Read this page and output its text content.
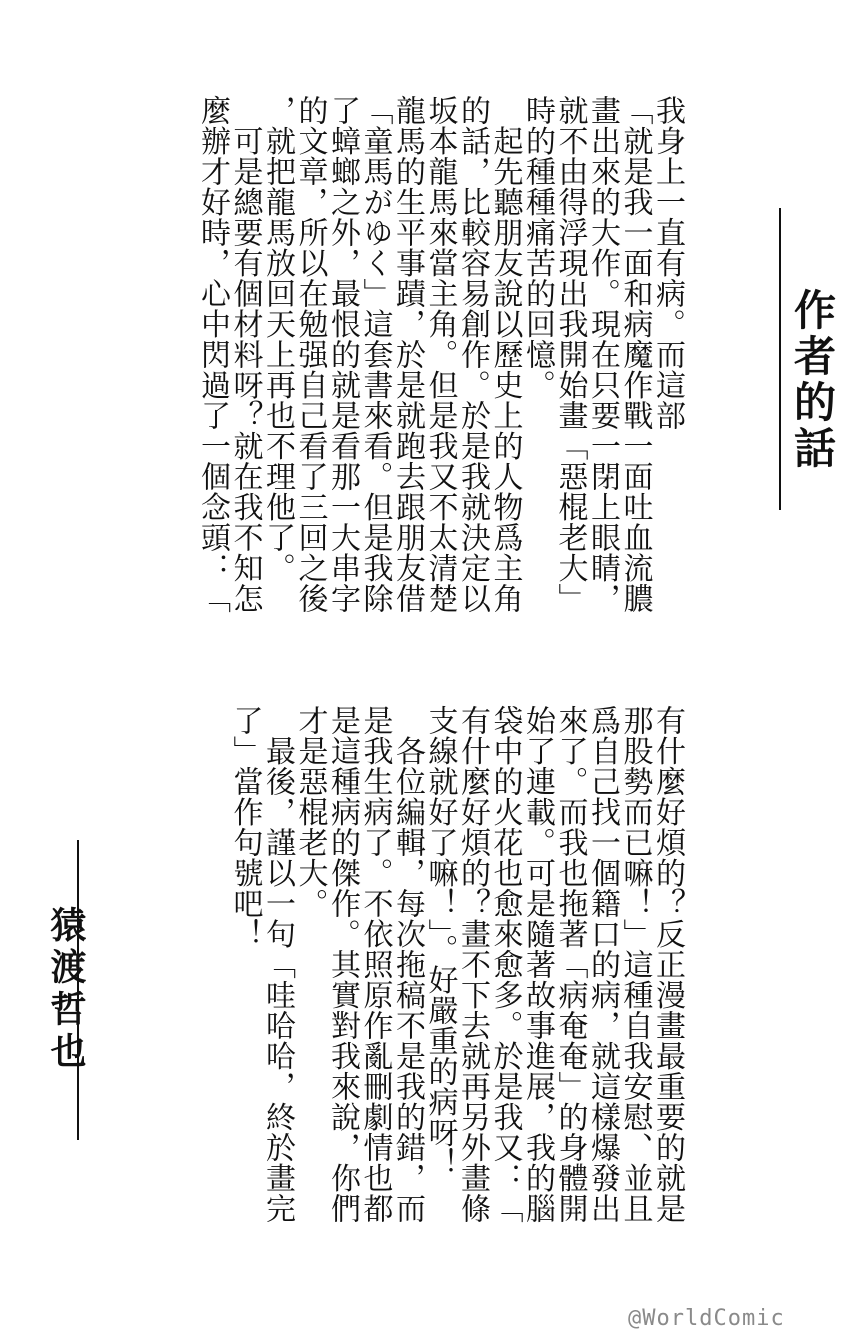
我身上一直有病。而這部
「就是我一面和病魔作戰一面吐血流膿
畫出來的大作。現在只要一閉上眼睛，
就不由得浮現出我開始畫「惡棍老大」
時的種種痛苦的回憶。
　起先聽朋友說以歷史上的人物爲主角
的話，比較容易創作。於是我就決定以
坂本龍馬來當主角。但是我又不太清楚
龍馬的生平事蹟，於是就跑去跟朋友借
「童馬がゆく」這套書來看。但是我除
了蟑螂之外，最恨的就是看那一大串字
的文章，所以在勉强自己看了三回之後
，就把龍馬放回天上再也不理他了。
　可是總要有個材料呀？就在我不知怎
麼辦才好時，心中閃過了一個念頭：「
有什麼好煩的？反正漫畫最重要的就是
那股勢而已嘛！」這種自我安慰、並且
爲自己找一個籍口的病，就這樣爆發出
來了。而我也拖著「病奄奄」的身體開
始了連載。可是隨著故事進展，我的腦
袋中的火花也愈來愈多。於是我又：「
有什麼好煩的？畫不下去就再另外畫條
支線就好了嘛！」。好嚴重的病呀！
　各位編輯，每次拖稿不是我的錯，而
是我生病了。不依照原作亂刪劇情也都
是這種病的傑作。其實對我來說，你們
才是惡棍老大。
　最後，謹以一句「哇哈哈，終於畫完
了」當作句號吧！
作者的話
猿渡哲也
@WorldComic
